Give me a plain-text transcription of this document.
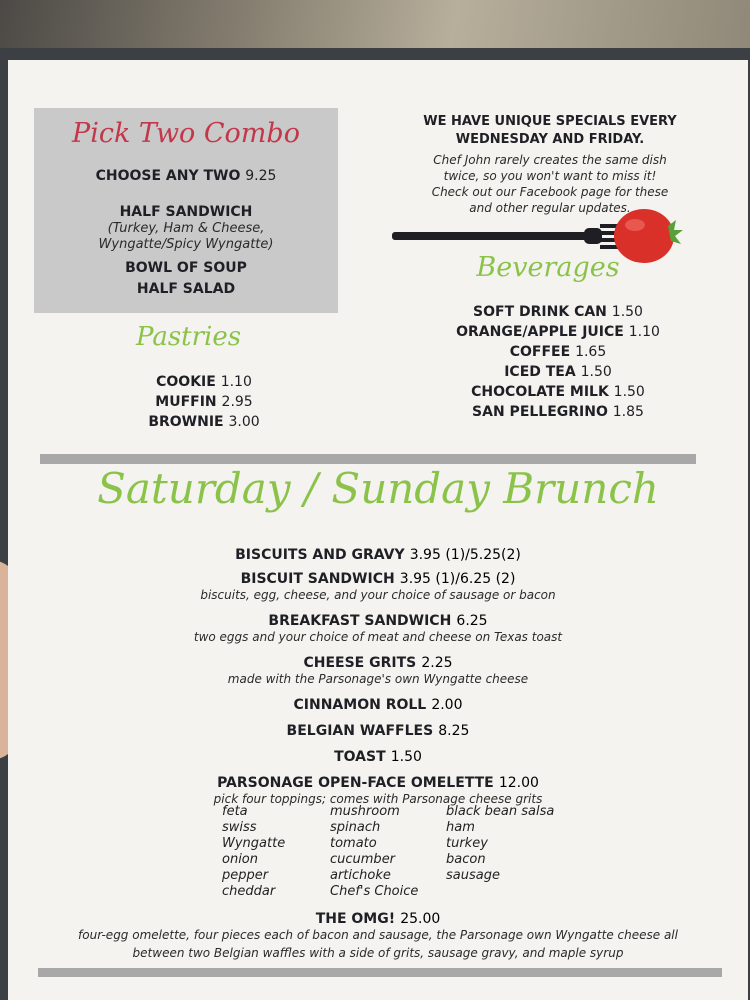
Pick Two Combo
CHOOSE ANY TWO 9.25
HALF SANDWICH
(Turkey, Ham & Cheese,
Wyngatte/Spicy Wyngatte)
BOWL OF SOUP
HALF SALAD
WE HAVE UNIQUE SPECIALS EVERY
WEDNESDAY AND FRIDAY.
Chef John rarely creates the same dish
twice, so you won't want to miss it!
Check out our Facebook page for these
and other regular updates.
Beverages
SOFT DRINK CAN 1.50
ORANGE/APPLE JUICE 1.10
COFFEE 1.65
ICED TEA 1.50
CHOCOLATE MILK 1.50
SAN PELLEGRINO 1.85
Pastries
COOKIE 1.10
MUFFIN 2.95
BROWNIE 3.00
Saturday / Sunday Brunch
BISCUITS AND GRAVY 3.95 (1)/5.25(2)
BISCUIT SANDWICH 3.95 (1)/6.25 (2)
biscuits, egg, cheese, and your choice of sausage or bacon
BREAKFAST SANDWICH 6.25
two eggs and your choice of meat and cheese on Texas toast
CHEESE GRITS 2.25
made with the Parsonage's own Wyngatte cheese
CINNAMON ROLL 2.00
BELGIAN WAFFLES 8.25
TOAST 1.50
PARSONAGE OPEN-FACE OMELETTE 12.00
pick four toppings; comes with Parsonage cheese grits
feta
swiss
Wyngatte
onion
pepper
cheddar
mushroom
spinach
tomato
cucumber
artichoke
Chef's Choice
black bean salsa
ham
turkey
bacon
sausage
THE OMG! 25.00
four-egg omelette, four pieces each of bacon and sausage, the Parsonage own Wyngatte cheese all
between two Belgian waffles with a side of grits, sausage gravy, and maple syrup
